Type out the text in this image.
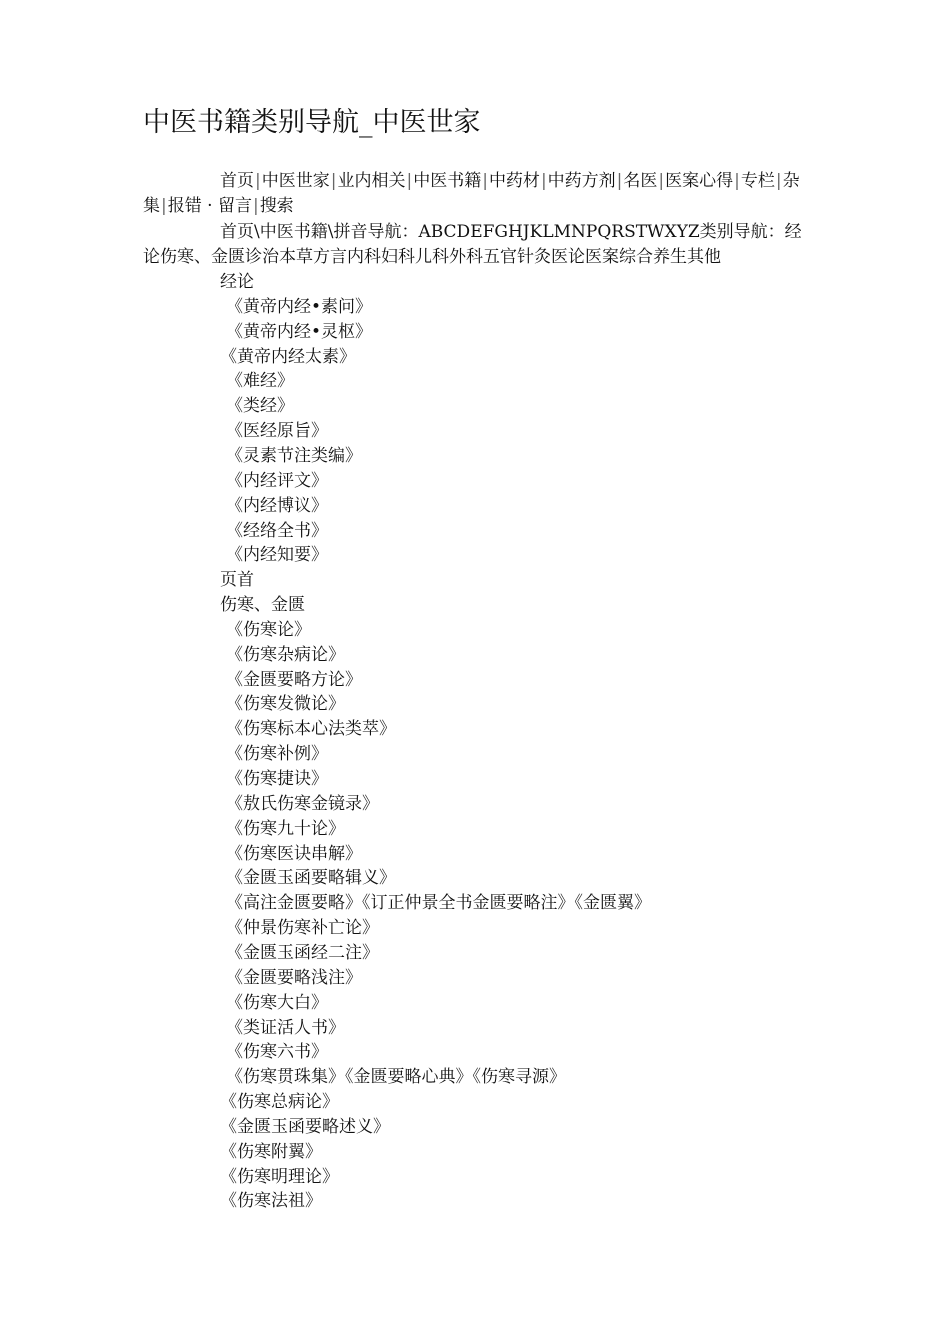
中医书籍类别导航_中医世家

首页|中医世家|业内相关|中医书籍|中药材|中药方剂|名医|医案心得|专栏|杂集|报错 · 留言|搜索

首页\中医书籍\拼音导航：ABCDEFGHJKLMNPQRSTWXYZ类别导航：经论伤寒、金匮诊治本草方言内科妇科儿科外科五官针灸医论医案综合养生其他

经论
《黄帝内经•素问》
《黄帝内经•灵枢》
《黄帝内经太素》
《难经》
《类经》
《医经原旨》
《灵素节注类编》
《内经评文》
《内经博议》
《经络全书》
《内经知要》
页首
伤寒、金匮
《伤寒论》
《伤寒杂病论》
《金匮要略方论》
《伤寒发微论》
《伤寒标本心法类萃》
《伤寒补例》
《伤寒捷诀》
《敖氏伤寒金镜录》
《伤寒九十论》
《伤寒医诀串解》
《金匮玉函要略辑义》
《高注金匮要略》《订正仲景全书金匮要略注》《金匮翼》
《仲景伤寒补亡论》
《金匮玉函经二注》
《金匮要略浅注》
《伤寒大白》
《类证活人书》
《伤寒六书》
《伤寒贯珠集》《金匮要略心典》《伤寒寻源》
《伤寒总病论》
《金匮玉函要略述义》
《伤寒附翼》
《伤寒明理论》
《伤寒法祖》
